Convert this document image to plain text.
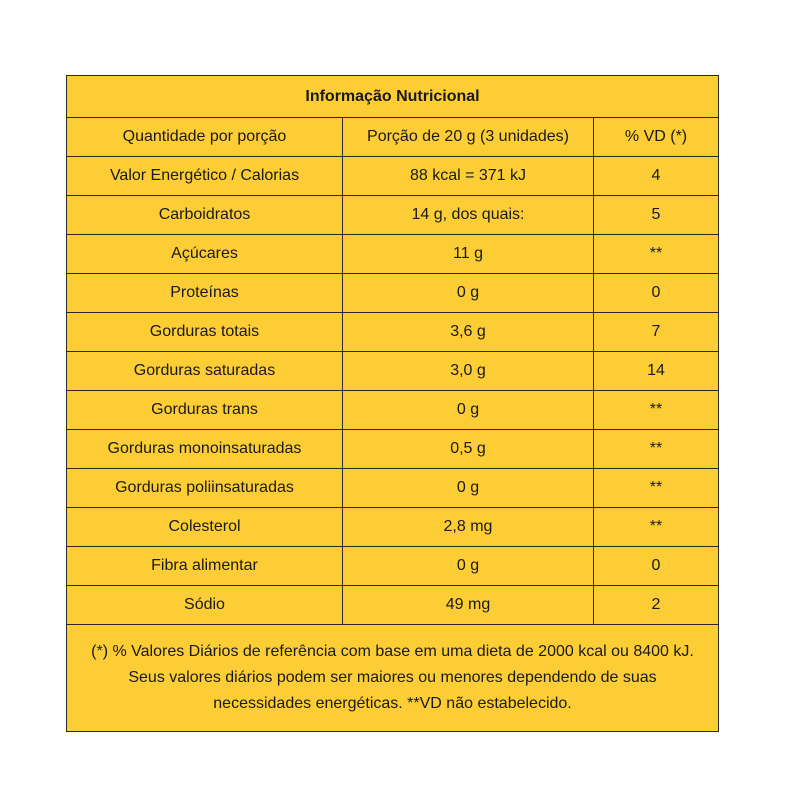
Informação Nutricional		
Quantidade por porção	Porção de 20 g (3 unidades)	% VD (*)
Valor Energético / Calorias	88 kcal = 371 kJ	4
Carboidratos	14 g, dos quais:	5
Açúcares	11 g	**
Proteínas	0 g	0
Gorduras totais	3,6 g	7
Gorduras saturadas	3,0 g	14
Gorduras trans	0 g	**
Gorduras monoinsaturadas	0,5 g	**
Gorduras poliinsaturadas	0 g	**
Colesterol	2,8 mg	**
Fibra alimentar	0 g	0
Sódio	49 mg	2
(*) % Valores Diários de referência com base em uma dieta de 2000 kcal ou 8400 kJ. Seus valores diários podem ser maiores ou menores dependendo de suas necessidades energéticas. **VD não estabelecido.		
